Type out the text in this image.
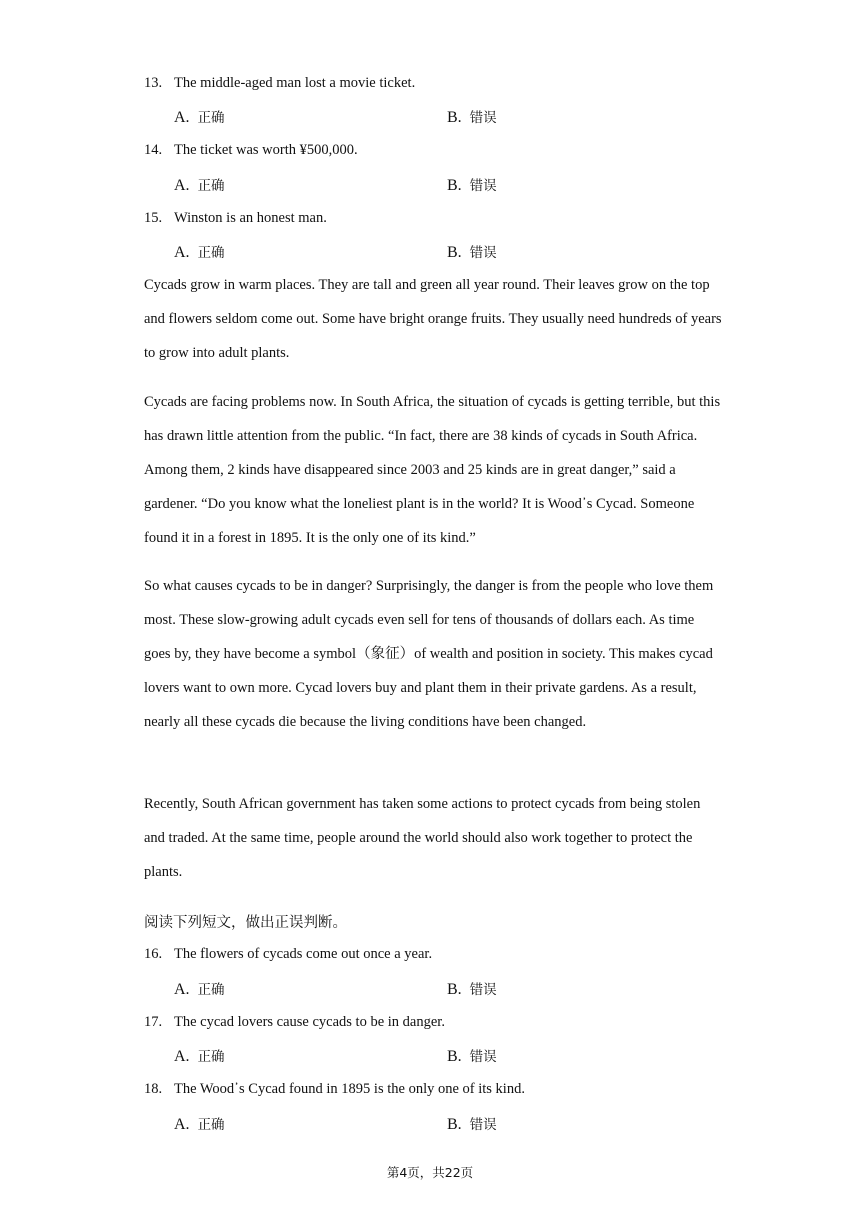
13. The middle-aged man lost a movie ticket.
A. 正确	B. 错误
14. The ticket was worth ¥500,000.
A. 正确	B. 错误
15. Winston is an honest man.
A. 正确	B. 错误

Cycads grow in warm places. They are tall and green all year round. Their leaves grow on the top and flowers seldom come out. Some have bright orange fruits. They usually need hundreds of years to grow into adult plants.

Cycads are facing problems now. In South Africa, the situation of cycads is getting terrible, but this has drawn little attention from the public. “In fact, there are 38 kinds of cycads in South Africa. Among them, 2 kinds have disappeared since 2003 and 25 kinds are in great danger,” said a gardener. “Do you know what the loneliest plant is in the world? It is Wood᾿s Cycad. Someone found it in a forest in 1895. It is the only one of its kind.”

So what causes cycads to be in danger? Surprisingly, the danger is from the people who love them most. These slow-growing adult cycads even sell for tens of thousands of dollars each. As time goes by, they have become a symbol（象征）of wealth and position in society. This makes cycad lovers want to own more. Cycad lovers buy and plant them in their private gardens. As a result, nearly all these cycads die because the living conditions have been changed.

Recently, South African government has taken some actions to protect cycads from being stolen and traded. At the same time, people around the world should also work together to protect the plants.

阅读下列短文，做出正误判断。
16. The flowers of cycads come out once a year.
A. 正确	B. 错误
17. The cycad lovers cause cycads to be in danger.
A. 正确	B. 错误
18. The Wood᾿s Cycad found in 1895 is the only one of its kind.
A. 正确	B. 错误
第4页，共22页
